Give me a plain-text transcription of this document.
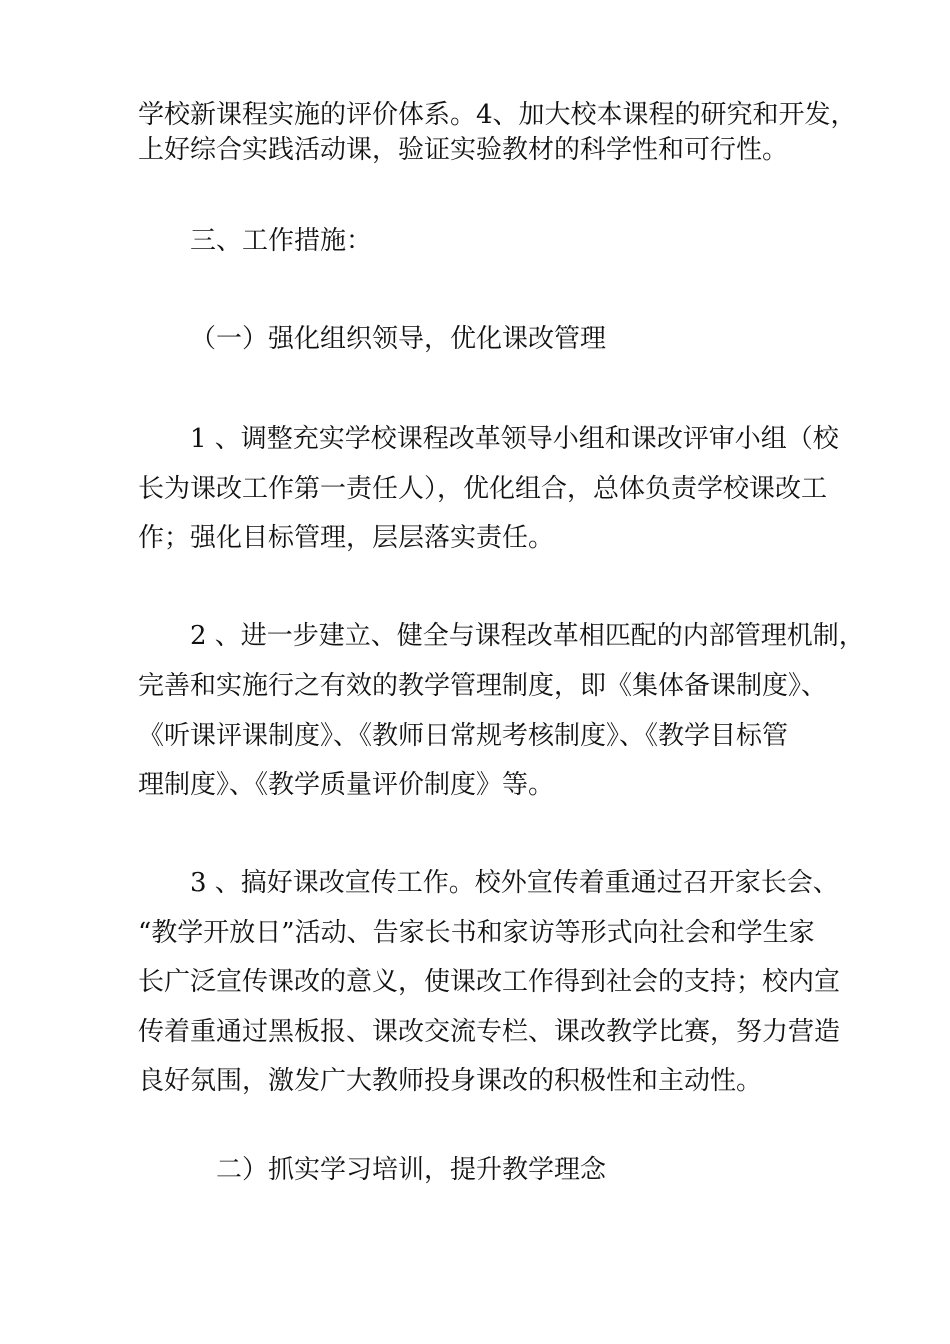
学校新课程实施的评价体系。4、加大校本课程的研究和开发，
上好综合实践活动课，验证实验教材的科学性和可行性。
三、工作措施：
（一）强化组织领导，优化课改管理
1 、调整充实学校课程改革领导小组和课改评审小组（校
长为课改工作第一责任人），优化组合，总体负责学校课改工
作；强化目标管理，层层落实责任。
2 、进一步建立、健全与课程改革相匹配的内部管理机制，
完善和实施行之有效的教学管理制度，即《集体备课制度》、
《听课评课制度》、《教师日常规考核制度》、《教学目标管
理制度》、《教学质量评价制度》等。
3 、搞好课改宣传工作。校外宣传着重通过召开家长会、
“教学开放日”活动、告家长书和家访等形式向社会和学生家
长广泛宣传课改的意义，使课改工作得到社会的支持；校内宣
传着重通过黑板报、课改交流专栏、课改教学比赛，努力营造
良好氛围，激发广大教师投身课改的积极性和主动性。
二）抓实学习培训，提升教学理念
